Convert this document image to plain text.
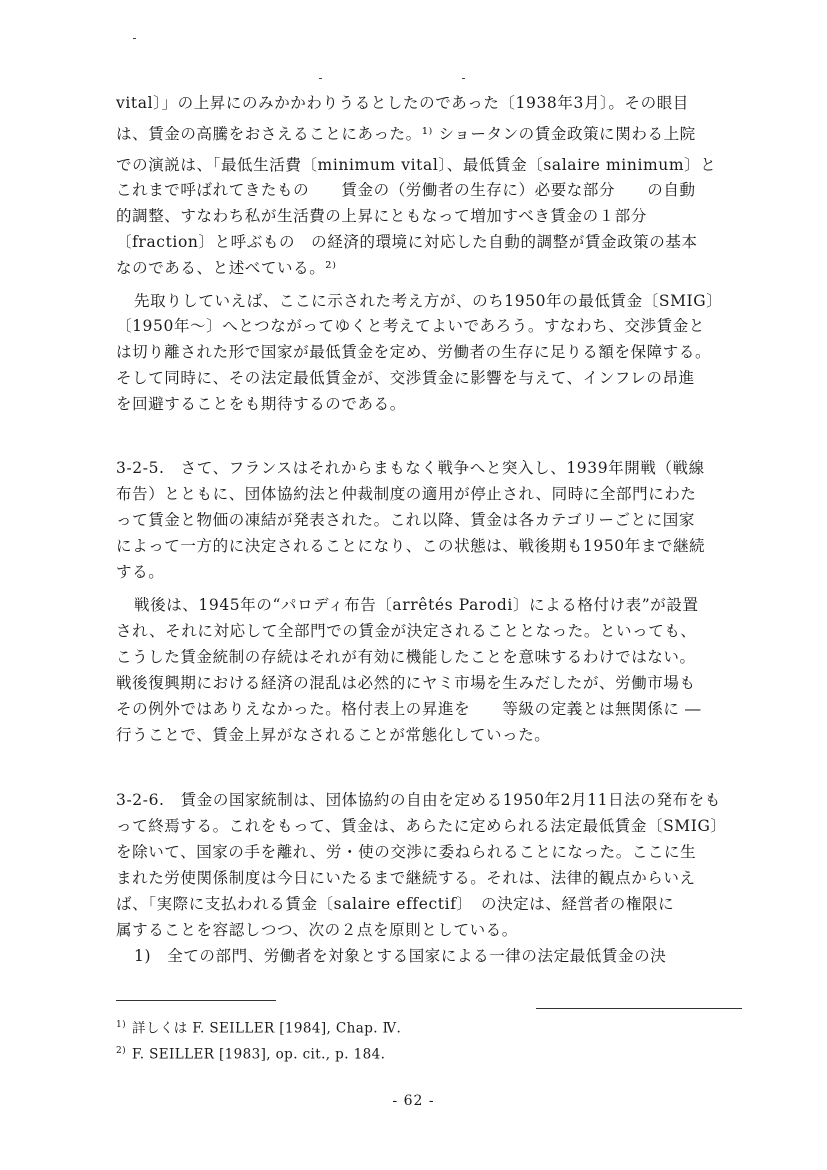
vital〕」の上昇にのみかかわりうるとしたのであった〔1938年3月〕。その眼目
は、賃金の高騰をおさえることにあった。¹⁾ ショータンの賃金政策に関わる上院
での演説は、「最低生活費〔minimum vital〕、最低賃金〔salaire minimum〕と
これまで呼ばれてきたもの　　賃金の（労働者の生存に）必要な部分　　の自動
的調整、すなわち私が生活費の上昇にともなって増加すべき賃金の１部分
〔fraction〕と呼ぶもの　の経済的環境に対応した自動的調整が賃金政策の基本
なのである、と述べている。²⁾
先取りしていえば、ここに示された考え方が、のち1950年の最低賃金〔SMIG〕
〔1950年～〕へとつながってゆくと考えてよいであろう。すなわち、交渉賃金と
は切り離された形で国家が最低賃金を定め、労働者の生存に足りる額を保障する。
そして同時に、その法定最低賃金が、交渉賃金に影響を与えて、インフレの昂進
を回避することをも期待するのである。
3-2-5.　さて、フランスはそれからまもなく戦争へと突入し、1939年開戦（戦線
布告）とともに、団体協約法と仲裁制度の適用が停止され、同時に全部門にわた
って賃金と物価の凍結が発表された。これ以降、賃金は各カテゴリーごとに国家
によって一方的に決定されることになり、この状態は、戦後期も1950年まで継続
する。
戦後は、1945年の“パロディ布告〔arrêtés Parodi〕による格付け表”が設置
され、それに対応して全部門での賃金が決定されることとなった。といっても、
こうした賃金統制の存続はそれが有効に機能したことを意味するわけではない。
戦後復興期における経済の混乱は必然的にヤミ市場を生みだしたが、労働市場も
その例外ではありえなかった。格付表上の昇進を　　等級の定義とは無関係に ―
行うことで、賃金上昇がなされることが常態化していった。
3-2-6.　賃金の国家統制は、団体協約の自由を定める1950年2月11日法の発布をも
って終焉する。これをもって、賃金は、あらたに定められる法定最低賃金〔SMIG〕
を除いて、国家の手を離れ、労・使の交渉に委ねられることになった。ここに生
まれた労使関係制度は今日にいたるまで継続する。それは、法律的観点からいえ
ば、「実際に支払われる賃金〔salaire effectif〕　の決定は、経営者の権限に
属することを容認しつつ、次の２点を原則としている。
1)　全ての部門、労働者を対象とする国家による一律の法定最低賃金の決
$^{1)}$ 詳しくは F. SEILLER [1984], Chap. Ⅳ.
$^{2)}$ F. SEILLER [1983], op. cit., p. 184.
- 62 -
